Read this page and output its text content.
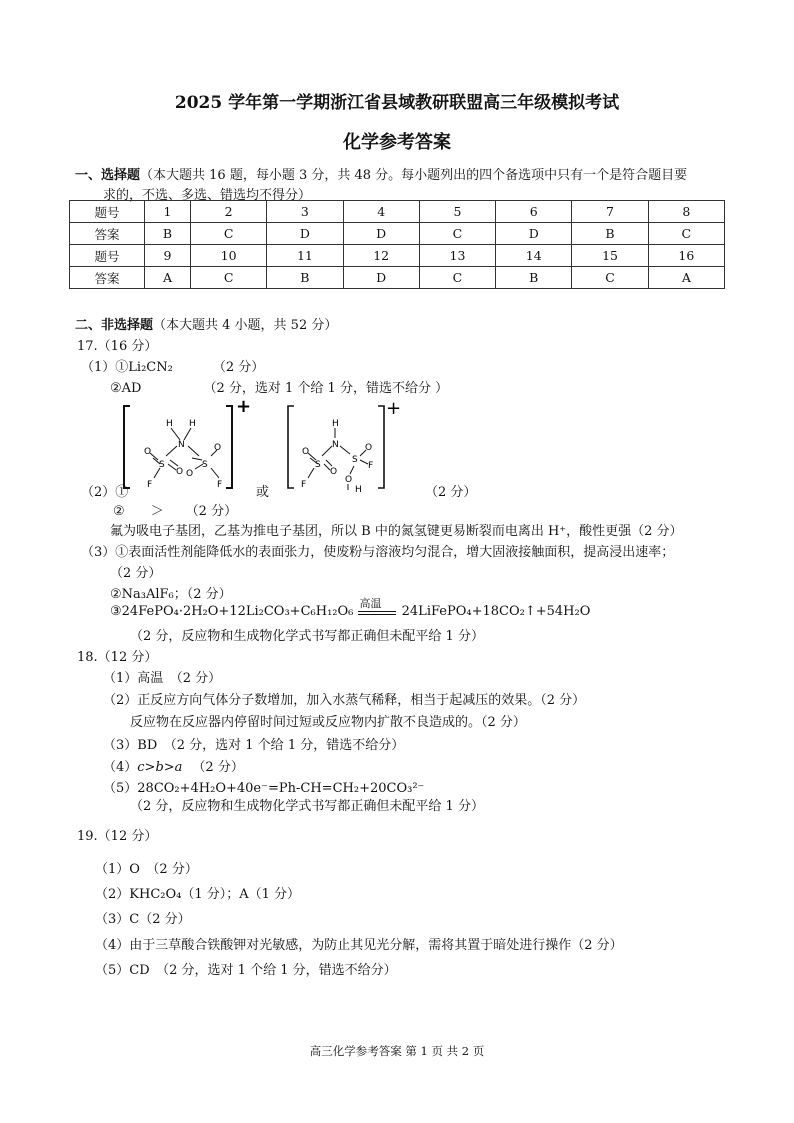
2025 学年第一学期浙江省县域教研联盟高三年级模拟考试
化学参考答案
一、选择题（本大题共 16 题，每小题 3 分，共 48 分。每小题列出的四个备选项中只有一个是符合题目要
求的，不选、多选、错选均不得分）
题号	1	2	3	4	5	6	7	8
答案	B	C	D	D	C	D	B	C
题号	9	10	11	12	13	14	15	16
答案	A	C	B	D	C	B	C	A
二、非选择题（本大题共 4 小题，共 52 分）
17.（16 分）
（1）①Li₂CN₂	（2 分）
②AD	（2 分，选对 1 个给 1 分，错选不给分 ）
H H
N
S
O
O
F
S
O
O
F
+
H
N
S
O
O
F
S
O
F
O
H
+
（2）①	或	（2 分）
② ＞ （2 分）
氟为吸电子基团，乙基为推电子基团，所以 B 中的氮氢键更易断裂而电离出 H⁺，酸性更强（2 分）
（3）①表面活性剂能降低水的表面张力，使废粉与溶液均匀混合，增大固液接触面积，提高浸出速率；
（2 分）
②Na₃AlF₆；（2 分）
③24FePO₄·2H₂O+12Li₂CO₃+C₆H₁₂O₆
高温
24LiFePO₄+18CO₂↑+54H₂O
（2 分，反应物和生成物化学式书写都正确但未配平给 1 分）
18.（12 分）
（1）高温　（2 分）
（2）正反应方向气体分子数增加，加入水蒸气稀释，相当于起减压的效果。（2 分）
反应物在反应器内停留时间过短或反应物内扩散不良造成的。（2 分）
（3）BD　（2 分，选对 1 个给 1 分，错选不给分）
（4）c>b>a （2 分）
（5）28CO₂+4H₂O+40e⁻=Ph-CH=CH₂+20CO₃²⁻
（2 分，反应物和生成物化学式书写都正确但未配平给 1 分）
19.（12 分）
（1）O　（2 分）
（2）KHC₂O₄（1 分）；A（1 分）
（3）C（2 分）
（4）由于三草酸合铁酸钾对光敏感，为防止其见光分解，需将其置于暗处进行操作（2 分）
（5）CD　（2 分，选对 1 个给 1 分，错选不给分）
高三化学参考答案 第 1 页 共 2 页
